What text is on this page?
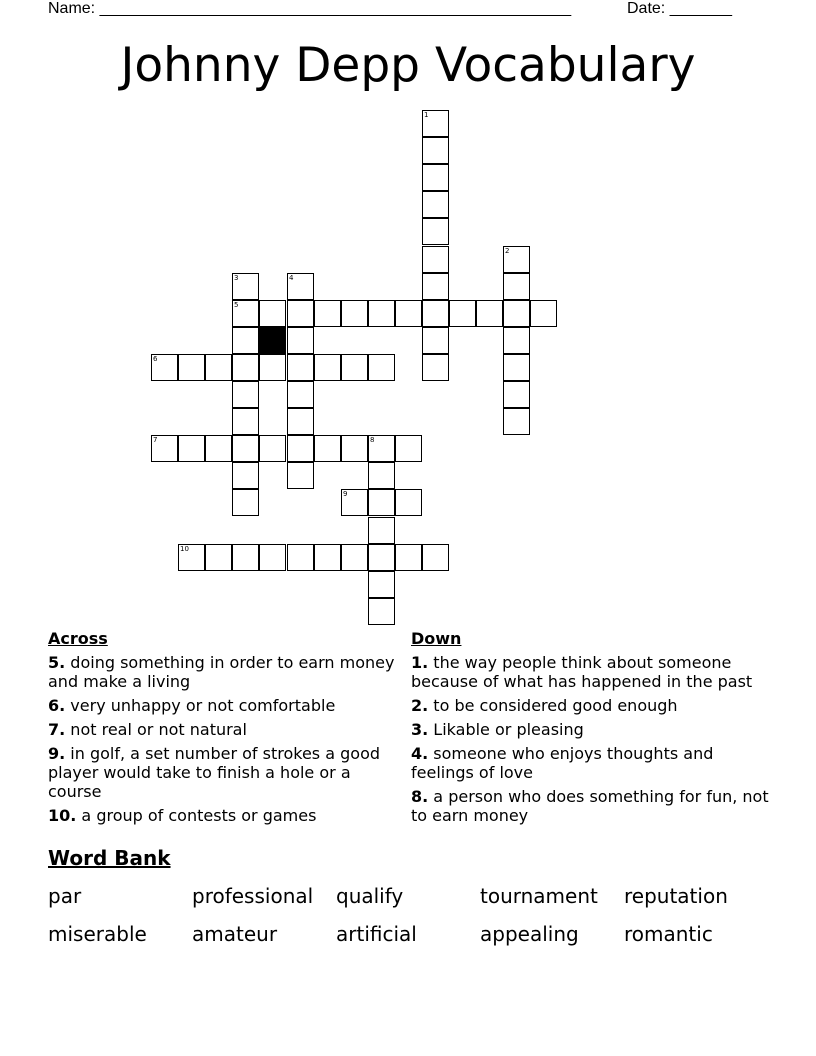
Name: _____________________________________________________	Date: _______
Johnny Depp Vocabulary
1
2
3
5
4
6
7	8
9
10
Across
5. doing something in order to earn money and make a living
6. very unhappy or not comfortable
7. not real or not natural
9. in golf, a set number of strokes a good player would take to finish a hole or a course
10. a group of contests or games
Down
1. the way people think about someone because of what has happened in the past
2. to be considered good enough
3. Likable or pleasing
4. someone who enjoys thoughts and feelings of love
8. a person who does something for fun, not to earn money
Word Bank
par	professional qualify	tournament reputation
miserable amateur	artificial	appealing romantic
